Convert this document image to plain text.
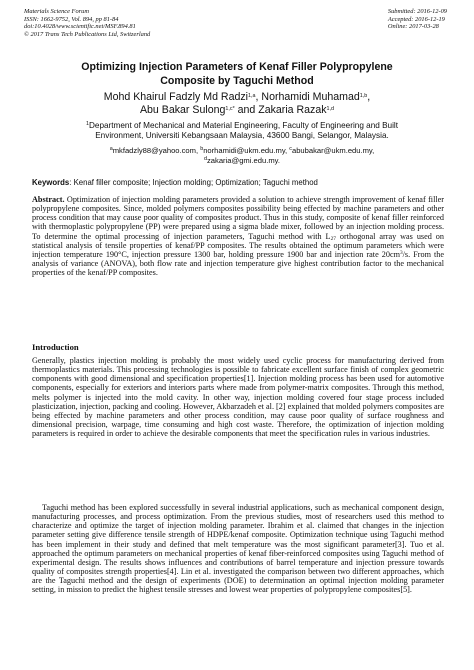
Materials Science Forum
ISSN: 1662-9752, Vol. 894, pp 81-84
doi:10.4028/www.scientific.net/MSF.894.81
© 2017 Trans Tech Publications Ltd, Switzerland
Submitted: 2016-12-09
Accepted: 2016-12-19
Online: 2017-03-28
Optimizing Injection Parameters of Kenaf Filler Polypropylene
Composite by Taguchi Method
Mohd Khairul Fadzly Md Radzi$^{1,a}$, Norhamidi Muhamad$^{1,b}$,
Abu Bakar Sulong$^{1,c*}$ and Zakaria Razak$^{1,d}$
$^1$Department of Mechanical and Material Engineering, Faculty of Engineering and Built
Environment, Universiti Kebangsaan Malaysia, 43600 Bangi, Selangor, Malaysia.
$^a$mkfadzly88@yahoo.com, $^b$norhamidi@ukm.edu.my, $^c$abubakar@ukm.edu.my,
$^d$zakaria@gmi.edu.my.
Keywords: Kenaf filler composite; Injection molding; Optimization; Taguchi method

Abstract. Optimization of injection molding parameters provided a solution to achieve strength improvement of kenaf filler polypropylene composites. Since, molded polymers composites possibility being effected by machine parameters and other process condition that may cause poor quality of composites product. Thus in this study, composite of kenaf filler reinforced with thermoplastic polypropylene (PP) were prepared using a sigma blade mixer, followed by an injection molding process. To determine the optimal processing of injection parameters, Taguchi method with $L_{27}$ orthogonal array was used on statistical analysis of tensile properties of kenaf/PP composites. The results obtained the optimum parameters which were injection temperature 190°C, injection pressure 1300 bar, holding pressure 1900 bar and injection rate $20cm^3/s$. From the analysis of variance (ANOVA), both flow rate and injection temperature give highest contribution factor to the mechanical properties of the kenaf/PP composites.

Introduction

Generally, plastics injection molding is probably the most widely used cyclic process for manufacturing derived from thermoplastics materials. This processing technologies is possible to fabricate excellent surface finish of complex geometric components with good dimensional and specification properties[1]. Injection molding process has been used for automotive components, especially for exteriors and interiors parts where made from polymer-matrix composites. Through this method, melts polymer is injected into the mold cavity. In other way, injection molding covered four stage process included plasticization, injection, packing and cooling. However, Akbarzadeh et al. [2] explained that molded polymers composites are being effected by machine parameters and other process condition, may cause poor quality of surface roughness and dimensional precision, warpage, time consuming and high cost waste. Therefore, the optimization of injection molding parameters is required in order to achieve the desirable components that meet the specification rules in various industries.

Taguchi method has been explored successfully in several industrial applications, such as mechanical component design, manufacturing processes, and process optimization. From the previous studies, most of researchers used this method to characterize and optimize the target of injection molding parameter. Ibrahim et al. claimed that changes in the injection parameter setting give difference tensile strength of HDPE/kenaf composite. Optimization technique using Taguchi method has been implement in their study and defined that melt temperature was the most significant parameter[3]. Tuo et al. approached the optimum parameters on mechanical properties of kenaf fiber-reinforced composites using Taguchi method of experimental design. The results shows influences and contributions of barrel temperature and injection pressure towards quality of composites strength properties[4]. Lin et al. investigated the comparison between two different approaches, which are the Taguchi method and the design of experiments (DOE) to determination an optimal injection molding parameter setting, in mission to predict the highest tensile stresses and lowest wear properties of polypropylene composites[5].
